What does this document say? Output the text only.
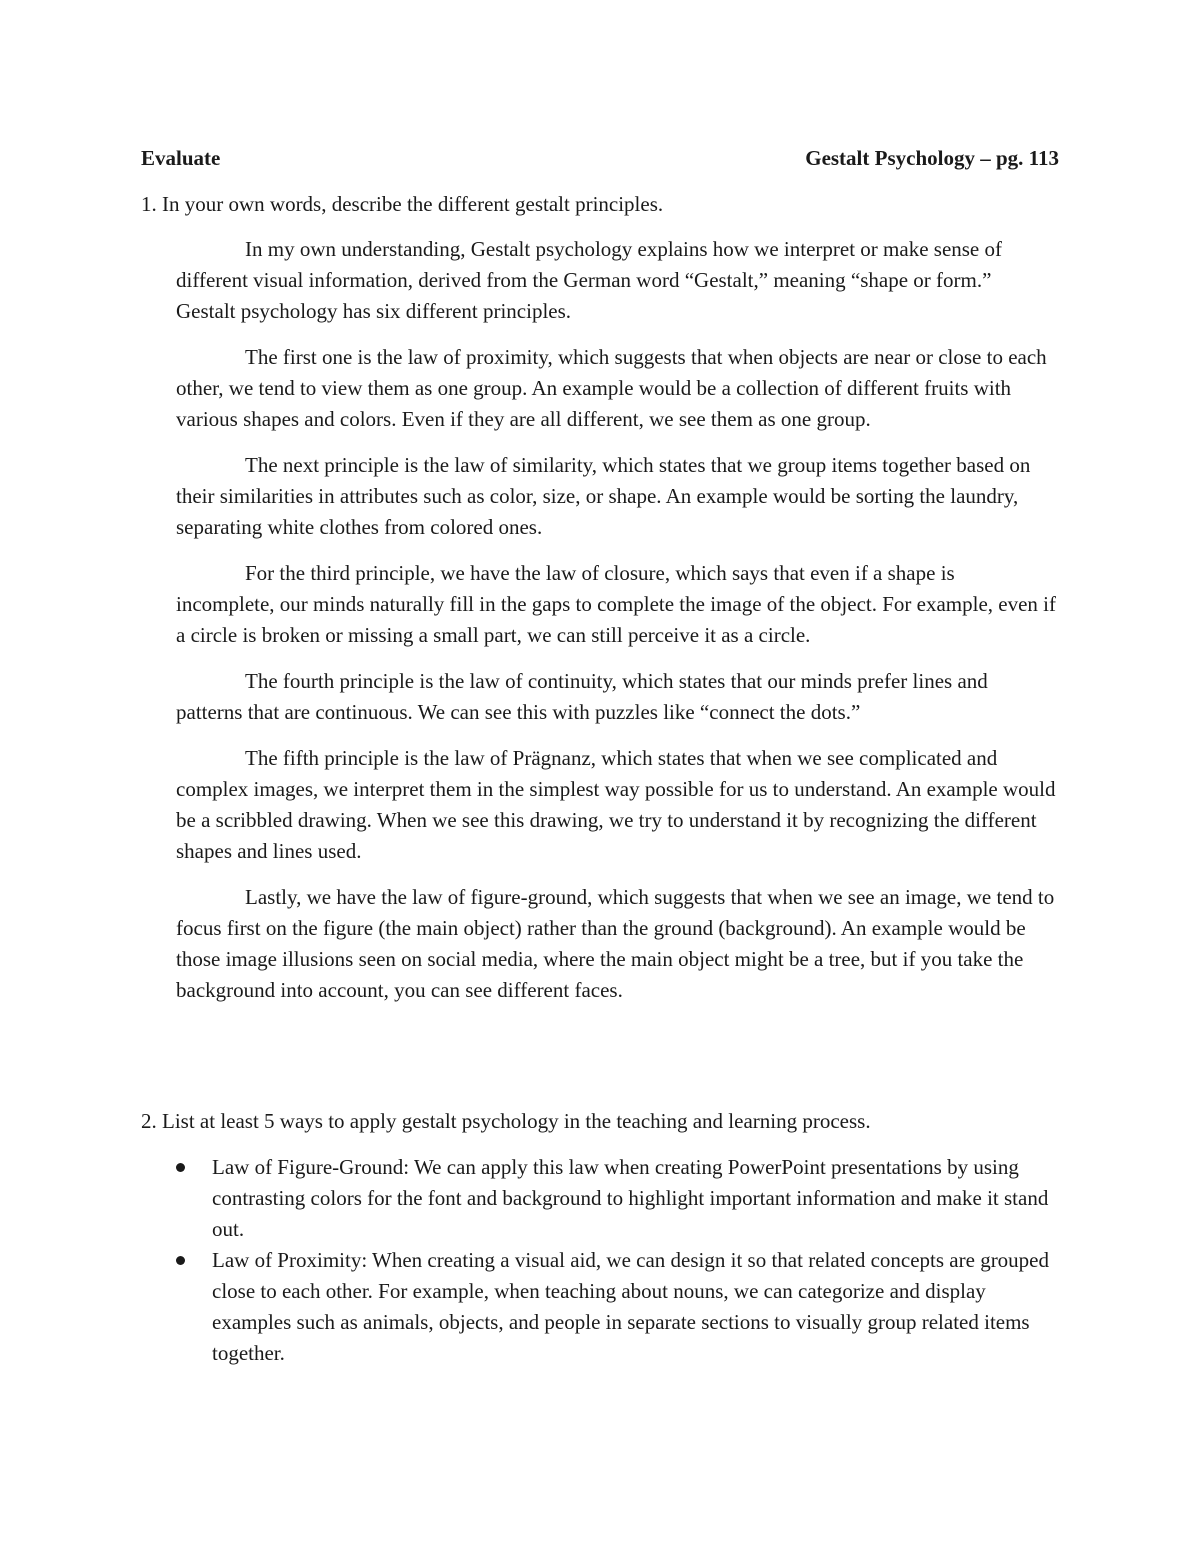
Evaluate	Gestalt Psychology – pg. 113
1. In your own words, describe the different gestalt principles.

In my own understanding, Gestalt psychology explains how we interpret or make sense of different visual information, derived from the German word “Gestalt,” meaning “shape or form.” Gestalt psychology has six different principles.

The first one is the law of proximity, which suggests that when objects are near or close to each other, we tend to view them as one group. An example would be a collection of different fruits with various shapes and colors. Even if they are all different, we see them as one group.

The next principle is the law of similarity, which states that we group items together based on their similarities in attributes such as color, size, or shape. An example would be sorting the laundry, separating white clothes from colored ones.

For the third principle, we have the law of closure, which says that even if a shape is incomplete, our minds naturally fill in the gaps to complete the image of the object. For example, even if a circle is broken or missing a small part, we can still perceive it as a circle.

The fourth principle is the law of continuity, which states that our minds prefer lines and patterns that are continuous. We can see this with puzzles like “connect the dots.”

The fifth principle is the law of Prägnanz, which states that when we see complicated and complex images, we interpret them in the simplest way possible for us to understand. An example would be a scribbled drawing. When we see this drawing, we try to understand it by recognizing the different shapes and lines used.

Lastly, we have the law of figure-ground, which suggests that when we see an image, we tend to focus first on the figure (the main object) rather than the ground (background). An example would be those image illusions seen on social media, where the main object might be a tree, but if you take the background into account, you can see different faces.

2. List at least 5 ways to apply gestalt psychology in the teaching and learning process.
Law of Figure-Ground: We can apply this law when creating PowerPoint presentations by using contrasting colors for the font and background to highlight important information and make it stand out.
Law of Proximity: When creating a visual aid, we can design it so that related concepts are grouped close to each other. For example, when teaching about nouns, we can categorize and display examples such as animals, objects, and people in separate sections to visually group related items together.
